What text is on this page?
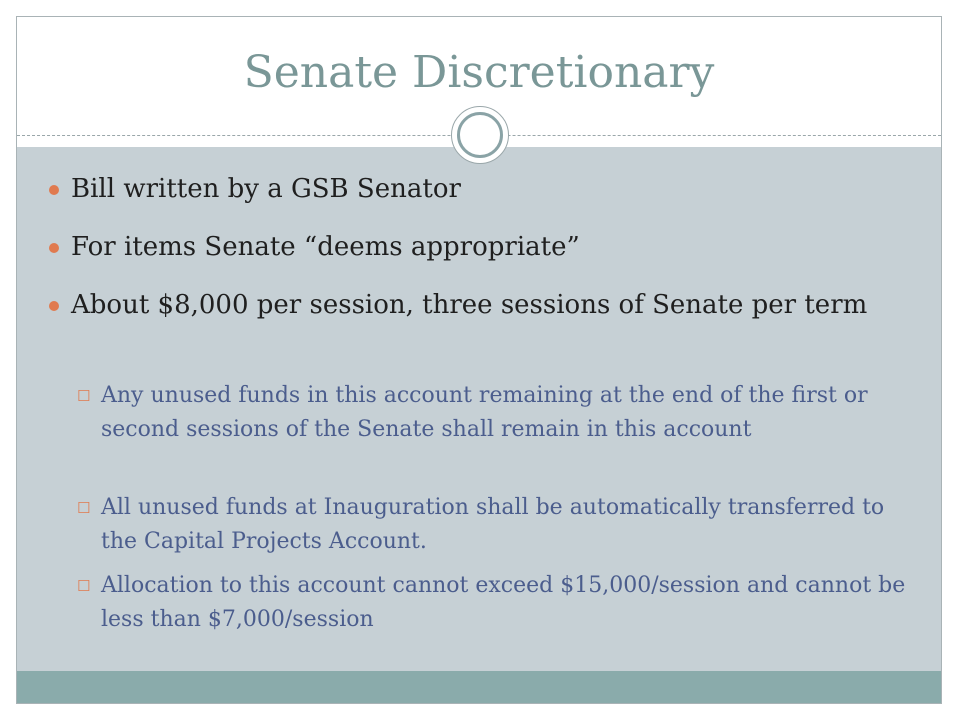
Senate Discretionary
Bill written by a GSB Senator
For items Senate “deems appropriate”
About $8,000 per session, three sessions of Senate per term
☐ Any unused funds in this account remaining at the end of the first or second sessions of the Senate shall remain in this account
☐ All unused funds at Inauguration shall be automatically transferred to the Capital Projects Account.
☐ Allocation to this account cannot exceed $15,000/session and cannot be less than $7,000/session
